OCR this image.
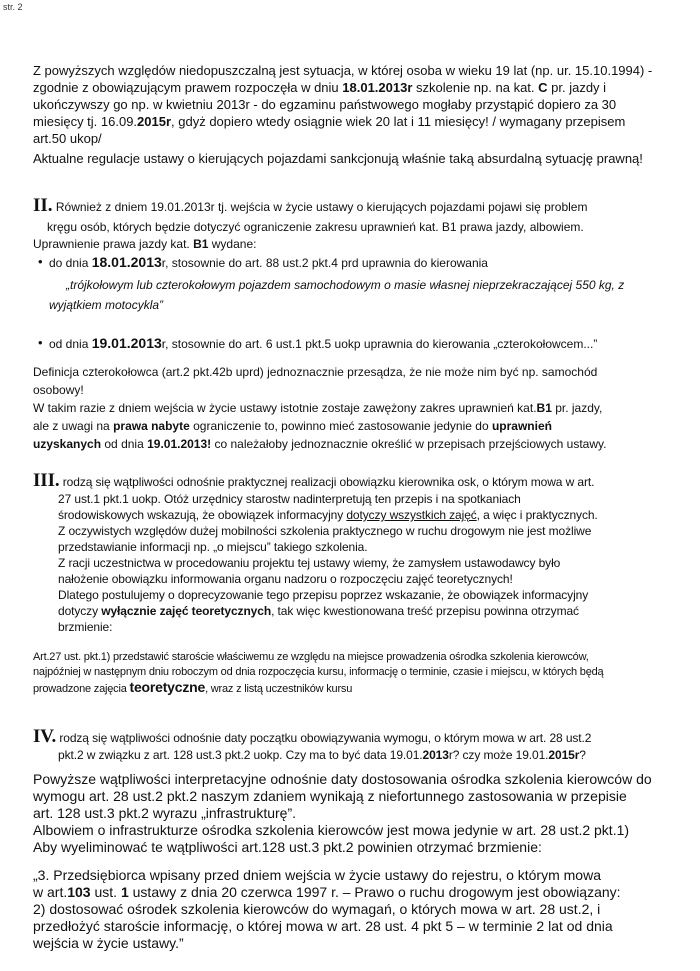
str. 2
Z powyższych względów niedopuszczalną jest sytuacja, w której osoba w wieku 19 lat (np. ur. 15.10.1994) -
zgodnie z obowiązującym prawem rozpoczęła w dniu 18.01.2013r szkolenie np. na kat. C pr. jazdy i
ukończywszy go np. w kwietniu 2013r - do egzaminu państwowego mogłaby przystąpić dopiero za 30
miesięcy tj. 16.09.2015r, gdyż dopiero wtedy osiągnie wiek 20 lat i 11 miesięcy! / wymagany przepisem
art.50 ukop/
Aktualne regulacje ustawy o kierujących pojazdami sankcjonują właśnie taką absurdalną sytuację prawną!
II. Również z dniem 19.01.2013r tj. wejścia w życie ustawy o kierujących pojazdami pojawi się problem
kręgu osób, których będzie dotyczyć ograniczenie zakresu uprawnień kat. B1 prawa jazdy, albowiem.
Uprawnienie prawa jazdy kat. B1 wydane:
• do dnia 18.01.2013r, stosownie do art. 88 ust.2 pkt.4 prd uprawnia do kierowania
„trójkołowym lub czterokołowym pojazdem samochodowym o masie własnej nieprzekraczającej 550 kg, z
wyjątkiem motocykla”
• od dnia 19.01.2013r, stosownie do art. 6 ust.1 pkt.5 uokp uprawnia do kierowania „czterokołowcem...”
Definicja czterokołowca (art.2 pkt.42b uprd) jednoznacznie przesądza, że nie może nim być np. samochód
osobowy!
W takim razie z dniem wejścia w życie ustawy istotnie zostaje zawężony zakres uprawnień kat.B1 pr. jazdy,
ale z uwagi na prawa nabyte ograniczenie to, powinno mieć zastosowanie jedynie do uprawnień
uzyskanych od dnia 19.01.2013! co należałoby jednoznacznie określić w przepisach przejściowych ustawy.
III. rodzą się wątpliwości odnośnie praktycznej realizacji obowiązku kierownika osk, o którym mowa w art.
27 ust.1 pkt.1 uokp. Otóż urzędnicy starostw nadinterpretują ten przepis i na spotkaniach
środowiskowych wskazują, że obowiązek informacyjny dotyczy wszystkich zajęć, a więc i praktycznych.
Z oczywistych względów dużej mobilności szkolenia praktycznego w ruchu drogowym nie jest możliwe
przedstawianie informacji np. „o miejscu” takiego szkolenia.
Z racji uczestnictwa w procedowaniu projektu tej ustawy wiemy, że zamysłem ustawodawcy było
nałożenie obowiązku informowania organu nadzoru o rozpoczęciu zajęć teoretycznych!
Dlatego postulujemy o doprecyzowanie tego przepisu poprzez wskazanie, że obowiązek informacyjny
dotyczy wyłącznie zajęć teoretycznych, tak więc kwestionowana treść przepisu powinna otrzymać
brzmienie:
Art.27 ust. pkt.1) przedstawić staroście właściwemu ze względu na miejsce prowadzenia ośrodka szkolenia kierowców,
najpóźniej w następnym dniu roboczym od dnia rozpoczęcia kursu, informację o terminie, czasie i miejscu, w których będą
prowadzone zajęcia teoretyczne, wraz z listą uczestników kursu
IV. rodzą się wątpliwości odnośnie daty początku obowiązywania wymogu, o którym mowa w art. 28 ust.2
pkt.2 w związku z art. 128 ust.3 pkt.2 uokp. Czy ma to być data 19.01.2013r? czy może 19.01.2015r?
Powyższe wątpliwości interpretacyjne odnośnie daty dostosowania ośrodka szkolenia kierowców do
wymogu art. 28 ust.2 pkt.2 naszym zdaniem wynikają z niefortunnego zastosowania w przepisie
art. 128 ust.3 pkt.2 wyrazu „infrastrukturę”.
Albowiem o infrastrukturze ośrodka szkolenia kierowców jest mowa jedynie w art. 28 ust.2 pkt.1)
Aby wyeliminować te wątpliwości art.128 ust.3 pkt.2 powinien otrzymać brzmienie:
„3. Przedsiębiorca wpisany przed dniem wejścia w życie ustawy do rejestru, o którym mowa
w art.103 ust. 1 ustawy z dnia 20 czerwca 1997 r. – Prawo o ruchu drogowym jest obowiązany:
2) dostosować ośrodek szkolenia kierowców do wymagań, o których mowa w art. 28 ust.2, i
przedłożyć staroście informację, o której mowa w art. 28 ust. 4 pkt 5 – w terminie 2 lat od dnia
wejścia w życie ustawy.”
